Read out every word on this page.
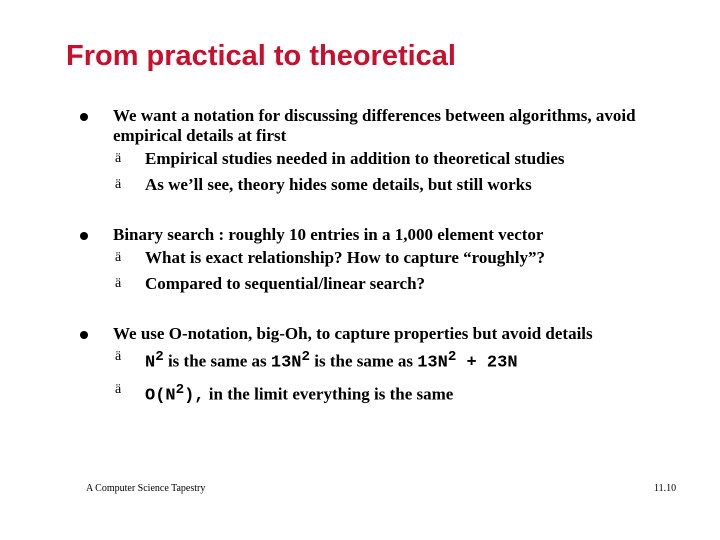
From practical to theoretical
We want a notation for discussing differences between algorithms, avoid empirical details at first
ä Empirical studies needed in addition to theoretical studies
ä As we’ll see, theory hides some details, but still works
Binary search : roughly 10 entries in a 1,000 element vector
ä What is exact relationship? How to capture “roughly”?
ä Compared to sequential/linear search?
We use O-notation, big-Oh, to capture properties but avoid details
ä $N^2$ is the same as $13N^2$ is the same as $13N^2 + 23N$
ä $O(N^2)$, in the limit everything is the same
A Computer Science Tapestry	11.10
